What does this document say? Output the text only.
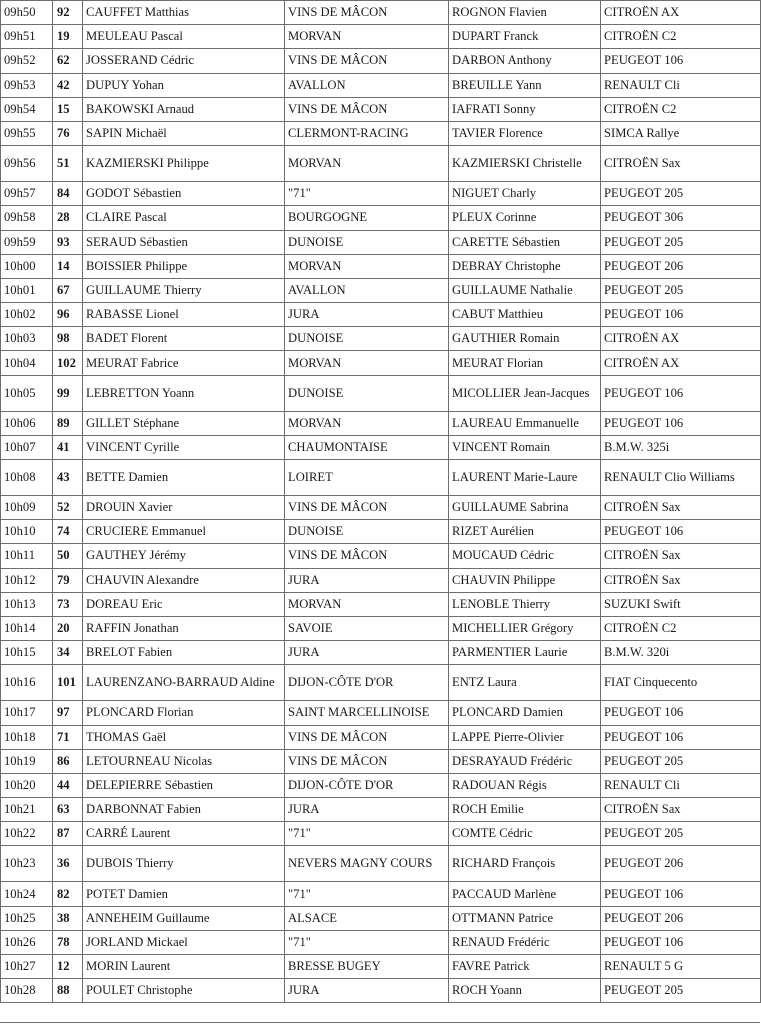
09h50	92	CAUFFET Matthias	VINS DE MÂCON	ROGNON Flavien	CITROËN AX
09h51	19	MEULEAU Pascal	MORVAN	DUPART Franck	CITROËN C2
09h52	62	JOSSERAND Cédric	VINS DE MÂCON	DARBON Anthony	PEUGEOT 106
09h53	42	DUPUY Yohan	AVALLON	BREUILLE Yann	RENAULT Cli
09h54	15	BAKOWSKI Arnaud	VINS DE MÂCON	IAFRATI Sonny	CITROËN C2
09h55	76	SAPIN Michaël	CLERMONT-RACING	TAVIER Florence	SIMCA Rallye
09h56	51	KAZMIERSKI Philippe	MORVAN	KAZMIERSKI Christelle	CITROËN Sax
09h57	84	GODOT Sébastien	"71"	NIGUET Charly	PEUGEOT 205
09h58	28	CLAIRE Pascal	BOURGOGNE	PLEUX Corinne	PEUGEOT 306
09h59	93	SERAUD Sébastien	DUNOISE	CARETTE Sébastien	PEUGEOT 205
10h00	14	BOISSIER Philippe	MORVAN	DEBRAY Christophe	PEUGEOT 206
10h01	67	GUILLAUME Thierry	AVALLON	GUILLAUME Nathalie	PEUGEOT 205
10h02	96	RABASSE Lionel	JURA	CABUT Matthieu	PEUGEOT 106
10h03	98	BADET Florent	DUNOISE	GAUTHIER Romain	CITROËN AX
10h04	102	MEURAT Fabrice	MORVAN	MEURAT Florian	CITROËN AX
10h05	99	LEBRETTON Yoann	DUNOISE	MICOLLIER Jean-Jacques	PEUGEOT 106
10h06	89	GILLET Stéphane	MORVAN	LAUREAU Emmanuelle	PEUGEOT 106
10h07	41	VINCENT Cyrille	CHAUMONTAISE	VINCENT Romain	B.M.W. 325i
10h08	43	BETTE Damien	LOIRET	LAURENT Marie-Laure	RENAULT Clio Williams
10h09	52	DROUIN Xavier	VINS DE MÂCON	GUILLAUME Sabrina	CITROËN Sax
10h10	74	CRUCIERE Emmanuel	DUNOISE	RIZET Aurélien	PEUGEOT 106
10h11	50	GAUTHEY Jérémy	VINS DE MÂCON	MOUCAUD Cédric	CITROËN Sax
10h12	79	CHAUVIN Alexandre	JURA	CHAUVIN Philippe	CITROËN Sax
10h13	73	DOREAU Eric	MORVAN	LENOBLE Thierry	SUZUKI Swift
10h14	20	RAFFIN Jonathan	SAVOIE	MICHELLIER Grégory	CITROËN C2
10h15	34	BRELOT Fabien	JURA	PARMENTIER Laurie	B.M.W. 320i
10h16	101	LAURENZANO-BARRAUD Aldine	DIJON-CÔTE D'OR	ENTZ Laura	FIAT Cinquecento
10h17	97	PLONCARD Florian	SAINT MARCELLINOISE	PLONCARD Damien	PEUGEOT 106
10h18	71	THOMAS Gaël	VINS DE MÂCON	LAPPE Pierre-Olivier	PEUGEOT 106
10h19	86	LETOURNEAU Nicolas	VINS DE MÂCON	DESRAYAUD Frédéric	PEUGEOT 205
10h20	44	DELEPIERRE Sébastien	DIJON-CÔTE D'OR	RADOUAN Régis	RENAULT Cli
10h21	63	DARBONNAT Fabien	JURA	ROCH Emilie	CITROËN Sax
10h22	87	CARRÉ Laurent	"71"	COMTE Cédric	PEUGEOT 205
10h23	36	DUBOIS Thierry	NEVERS MAGNY COURS	RICHARD François	PEUGEOT 206
10h24	82	POTET Damien	"71"	PACCAUD Marlène	PEUGEOT 106
10h25	38	ANNEHEIM Guillaume	ALSACE	OTTMANN Patrice	PEUGEOT 206
10h26	78	JORLAND Mickael	"71"	RENAUD Frédéric	PEUGEOT 106
10h27	12	MORIN Laurent	BRESSE BUGEY	FAVRE Patrick	RENAULT 5 G
10h28	88	POULET Christophe	JURA	ROCH Yoann	PEUGEOT 205
